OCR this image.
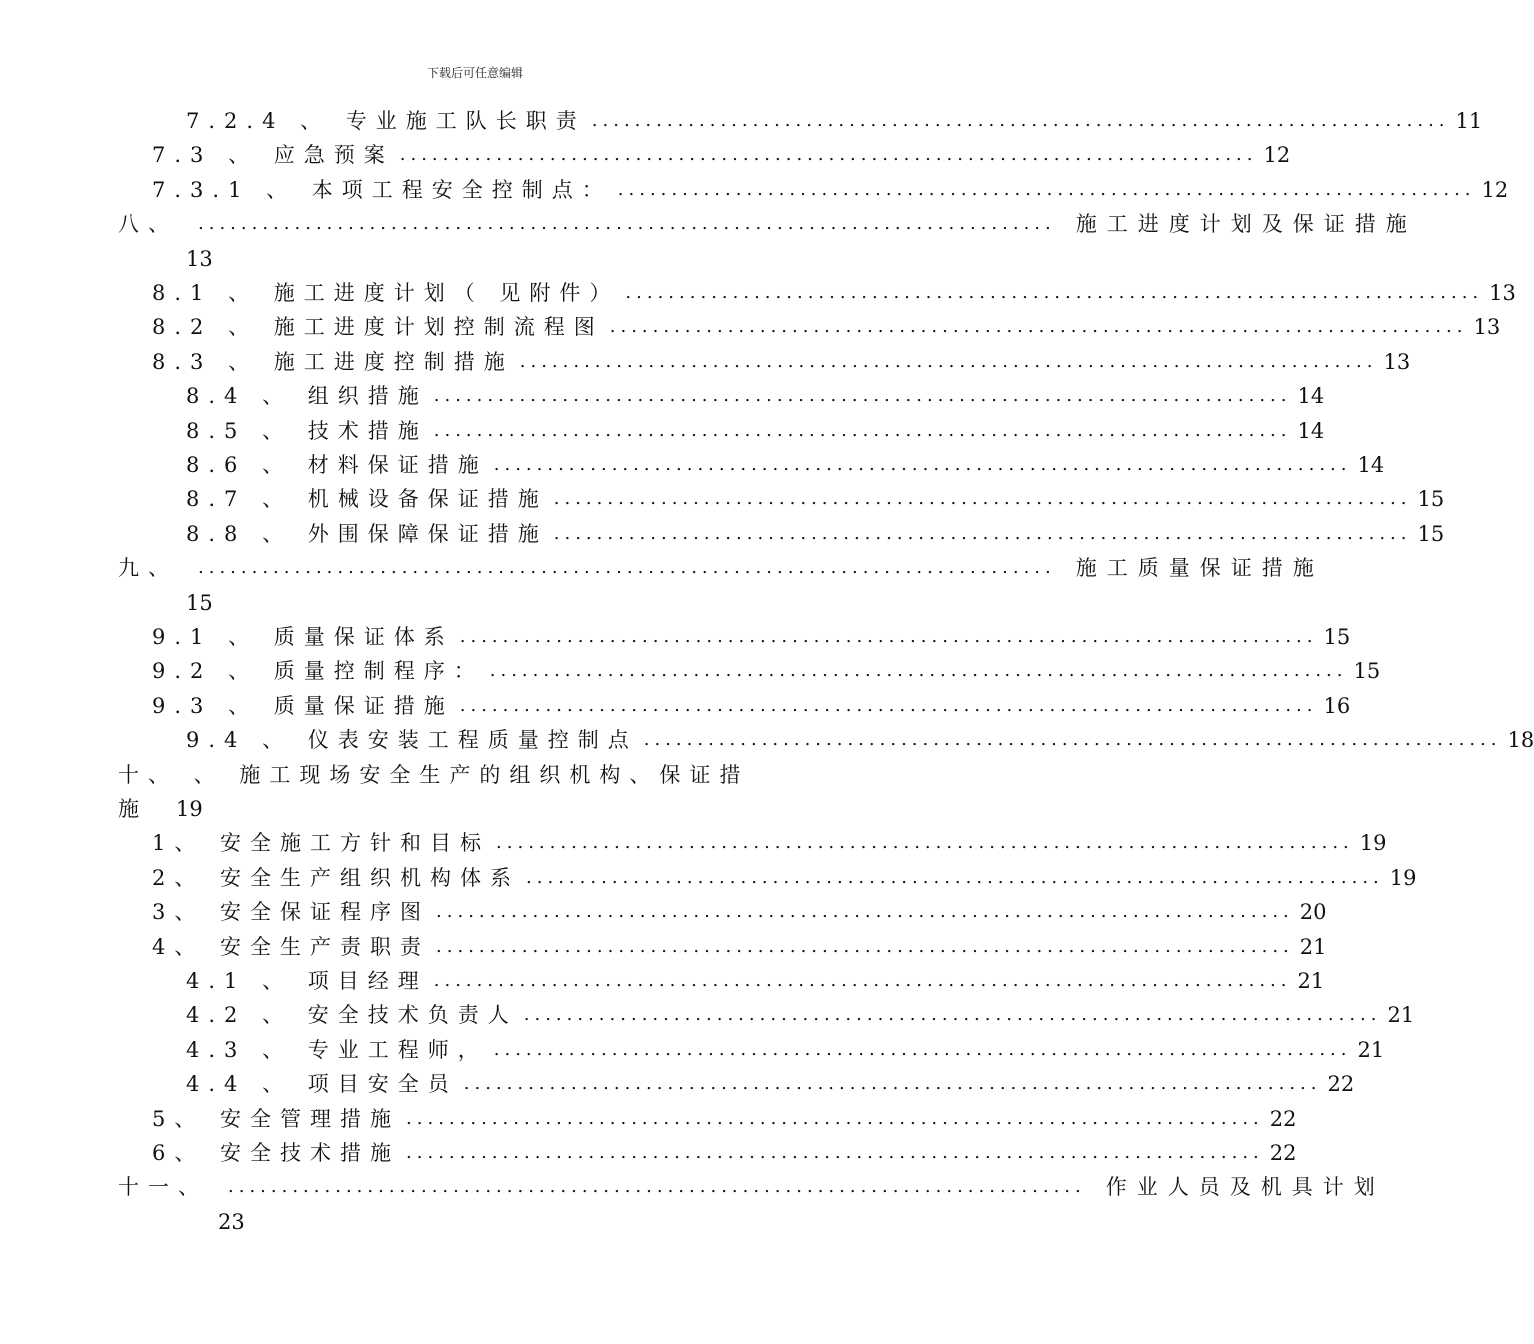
下载后可任意编辑
7.2.4 、 专业施工队长职责 ................................................................................ 11
7.3 、 应急预案 ................................................................................ 12
7.3.1 、 本项工程安全控制点： ................................................................................ 12
八、 ................................................................................ 施工进度计划及保证措施
13
8.1 、 施工进度计划（ 见附件） ................................................................................ 13
8.2 、 施工进度计划控制流程图 ................................................................................ 13
8.3 、 施工进度控制措施 ................................................................................ 13
8.4 、 组织措施 ................................................................................ 14
8.5 、 技术措施 ................................................................................ 14
8.6 、 材料保证措施 ................................................................................ 14
8.7 、 机械设备保证措施 ................................................................................ 15
8.8 、 外围保障保证措施 ................................................................................ 15
九、 ................................................................................ 施工质量保证措施
15
9.1 、 质量保证体系 ................................................................................ 15
9.2 、 质量控制程序： ................................................................................ 15
9.3 、 质量保证措施 ................................................................................ 16
9.4 、 仪表安装工程质量控制点 ................................................................................ 18
十、 、 施工现场安全生产的组织机构、保证措
施 19
1、 安全施工方针和目标 ................................................................................ 19
2、 安全生产组织机构体系 ................................................................................ 19
3、 安全保证程序图 ................................................................................ 20
4、 安全生产责职责 ................................................................................ 21
4.1 、 项目经理 ................................................................................ 21
4.2 、 安全技术负责人 ................................................................................ 21
4.3 、 专业工程师， ................................................................................ 21
4.4 、 项目安全员 ................................................................................ 22
5、 安全管理措施 ................................................................................ 22
6、 安全技术措施 ................................................................................ 22
十一、 ................................................................................ 作业人员及机具计划
23
